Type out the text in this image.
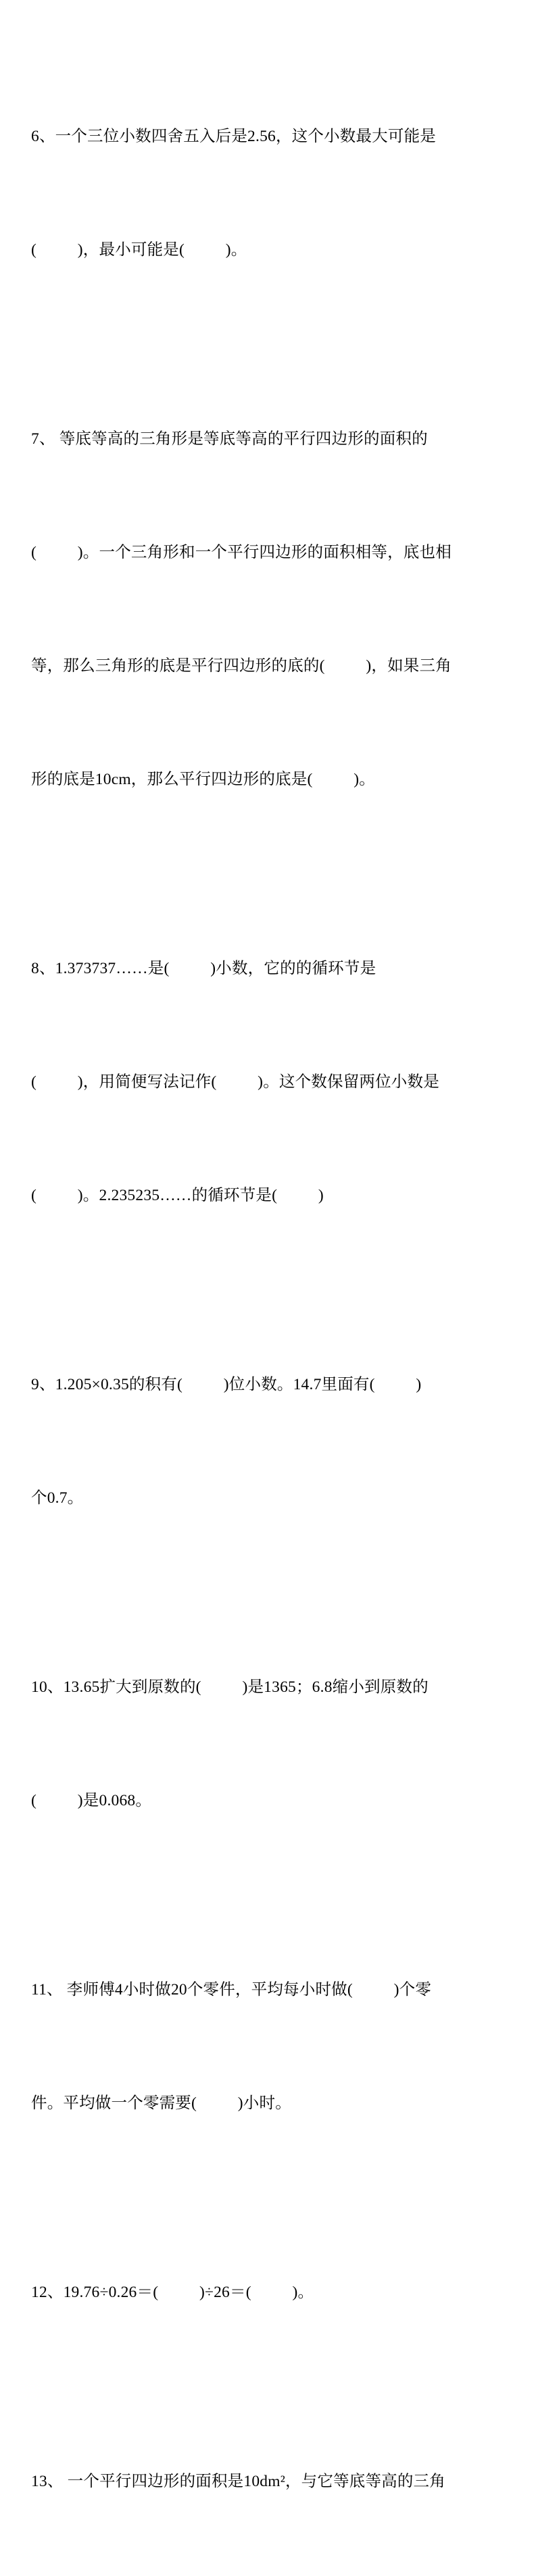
6、一个三位小数四舍五入后是2.56，这个小数最大可能是

(          )，最小可能是(          )。

7、 等底等高的三角形是等底等高的平行四边形的面积的

(          )。一个三角形和一个平行四边形的面积相等，底也相

等，那么三角形的底是平行四边形的底的(          )，如果三角

形的底是10cm，那么平行四边形的底是(          )。

8、1.373737……是(          )小数，它的的循环节是

(          )，用简便写法记作(          )。这个数保留两位小数是

(          )。2.235235……的循环节是(          )

9、1.205×0.35的积有(          )位小数。14.7里面有(          )

个0.7。

10、13.65扩大到原数的(          )是1365；6.8缩小到原数的

(          )是0.068。

11、 李师傅4小时做20个零件，平均每小时做(          )个零

件。平均做一个零需要(          )小时。

12、19.76÷0.26＝(          )÷26＝(          )。

13、 一个平行四边形的面积是10dm²，与它等底等高的三角
